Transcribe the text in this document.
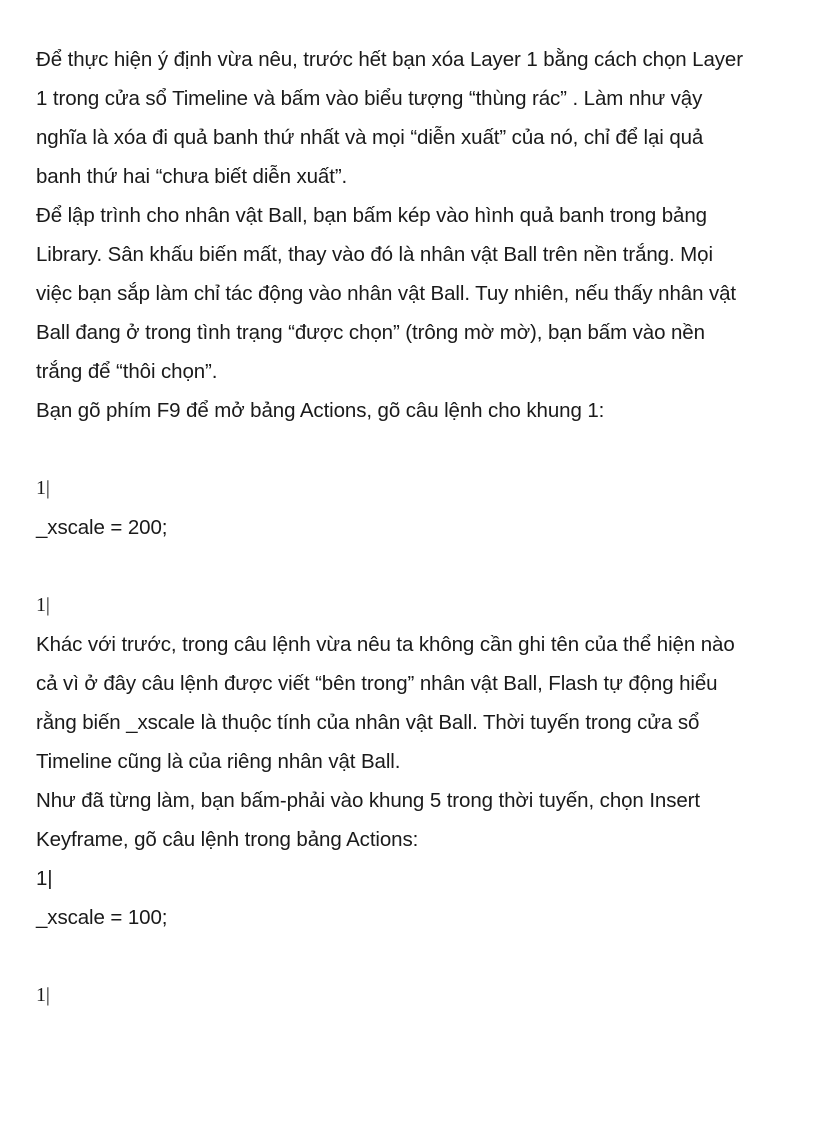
Để thực hiện ý định vừa nêu, trước hết bạn xóa Layer 1 bằng cách chọn Layer
1 trong cửa sổ Timeline và bấm vào biểu tượng “thùng rác” . Làm như vậy
nghĩa là xóa đi quả banh thứ nhất và mọi “diễn xuất” của nó, chỉ để lại quả
banh thứ hai “chưa biết diễn xuất”.
Để lập trình cho nhân vật Ball, bạn bấm kép vào hình quả banh trong bảng
Library. Sân khấu biến mất, thay vào đó là nhân vật Ball trên nền trắng. Mọi
việc bạn sắp làm chỉ tác động vào nhân vật Ball. Tuy nhiên, nếu thấy nhân vật
Ball đang ở trong tình trạng “được chọn” (trông mờ mờ), bạn bấm vào nền
trắng để “thôi chọn”.
Bạn gõ phím F9 để mở bảng Actions, gõ câu lệnh cho khung 1:
1|
_xscale = 200;
1|
Khác với trước, trong câu lệnh vừa nêu ta không cần ghi tên của thể hiện nào
cả vì ở đây câu lệnh được viết “bên trong” nhân vật Ball, Flash tự động hiểu
rằng biến _xscale là thuộc tính của nhân vật Ball. Thời tuyến trong cửa sổ
Timeline cũng là của riêng nhân vật Ball.
Như đã từng làm, bạn bấm-phải vào khung 5 trong thời tuyến, chọn Insert
Keyframe, gõ câu lệnh trong bảng Actions:
1|
_xscale = 100;
1|
